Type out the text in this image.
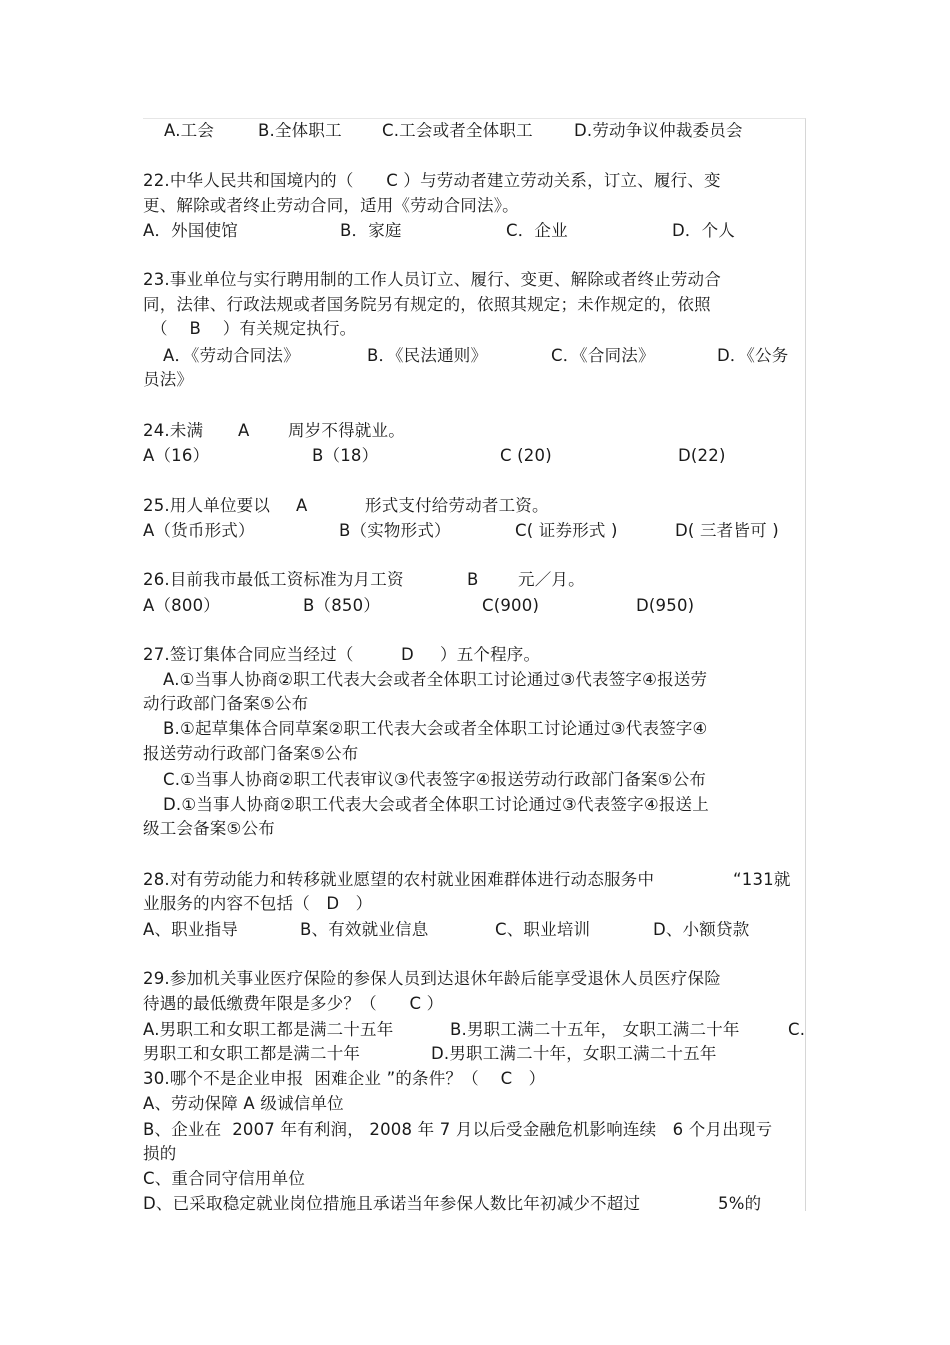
A.工会	B.全体职工 C.工会或者全体职工 D.劳动争议仲裁委员会
22.中华人民共和国境内的（      C ）与劳动者建立劳动关系，订立、履行、变
更、解除或者终止劳动合同，适用《劳动合同法》。
A．外国使馆	B．家庭	C．企业	D．个人
23.事业单位与实行聘用制的工作人员订立、履行、变更、解除或者终止劳动合
同，法律、行政法规或者国务院另有规定的，依照其规定；未作规定的，依照
（    B    ）有关规定执行。
A．《劳动合同法》	B．《民法通则》	C．《合同法》	D．《公务
员法》
24.未满 A 周岁不得就业。
A（16）	B（18）	C (20)	D(22)
25.用人单位要以 A	形式支付给劳动者工资。
A（货币形式）	B（实物形式）	C( 证券形式 )	D( 三者皆可 )
26.目前我市最低工资标准为月工资	B 元／月。
A（800）	B（850）	C(900)	D(950)
27.签订集体合同应当经过（	D ）五个程序。
A.①当事人协商②职工代表大会或者全体职工讨论通过③代表签字④报送劳
动行政部门备案⑤公布
B.①起草集体合同草案②职工代表大会或者全体职工讨论通过③代表签字④
报送劳动行政部门备案⑤公布
C.①当事人协商②职工代表审议③代表签字④报送劳动行政部门备案⑤公布
D.①当事人协商②职工代表大会或者全体职工讨论通过③代表签字④报送上
级工会备案⑤公布
28.对有劳动能力和转移就业愿望的农村就业困难群体进行动态服务中	“131就
业服务的内容不包括（   D   ）
A、职业指导	B、有效就业信息	C、职业培训	D、小额贷款
29.参加机关事业医疗保险的参保人员到达退休年龄后能享受退休人员医疗保险
待遇的最低缴费年限是多少？（      C ）
A.男职工和女职工都是满二十五年	B.男职工满二十五年， 女职工满二十年	C.
男职工和女职工都是满二十年	D.男职工满二十年，女职工满二十五年
30.哪个不是企业申报  困难企业 ”的条件？（    C   ）
A、劳动保障 A 级诚信单位
B、企业在  2007 年有利润， 2008 年 7 月以后受金融危机影响连续   6 个月出现亏
损的
C、重合同守信用单位
D、已采取稳定就业岗位措施且承诺当年参保人数比年初减少不超过	5%的
